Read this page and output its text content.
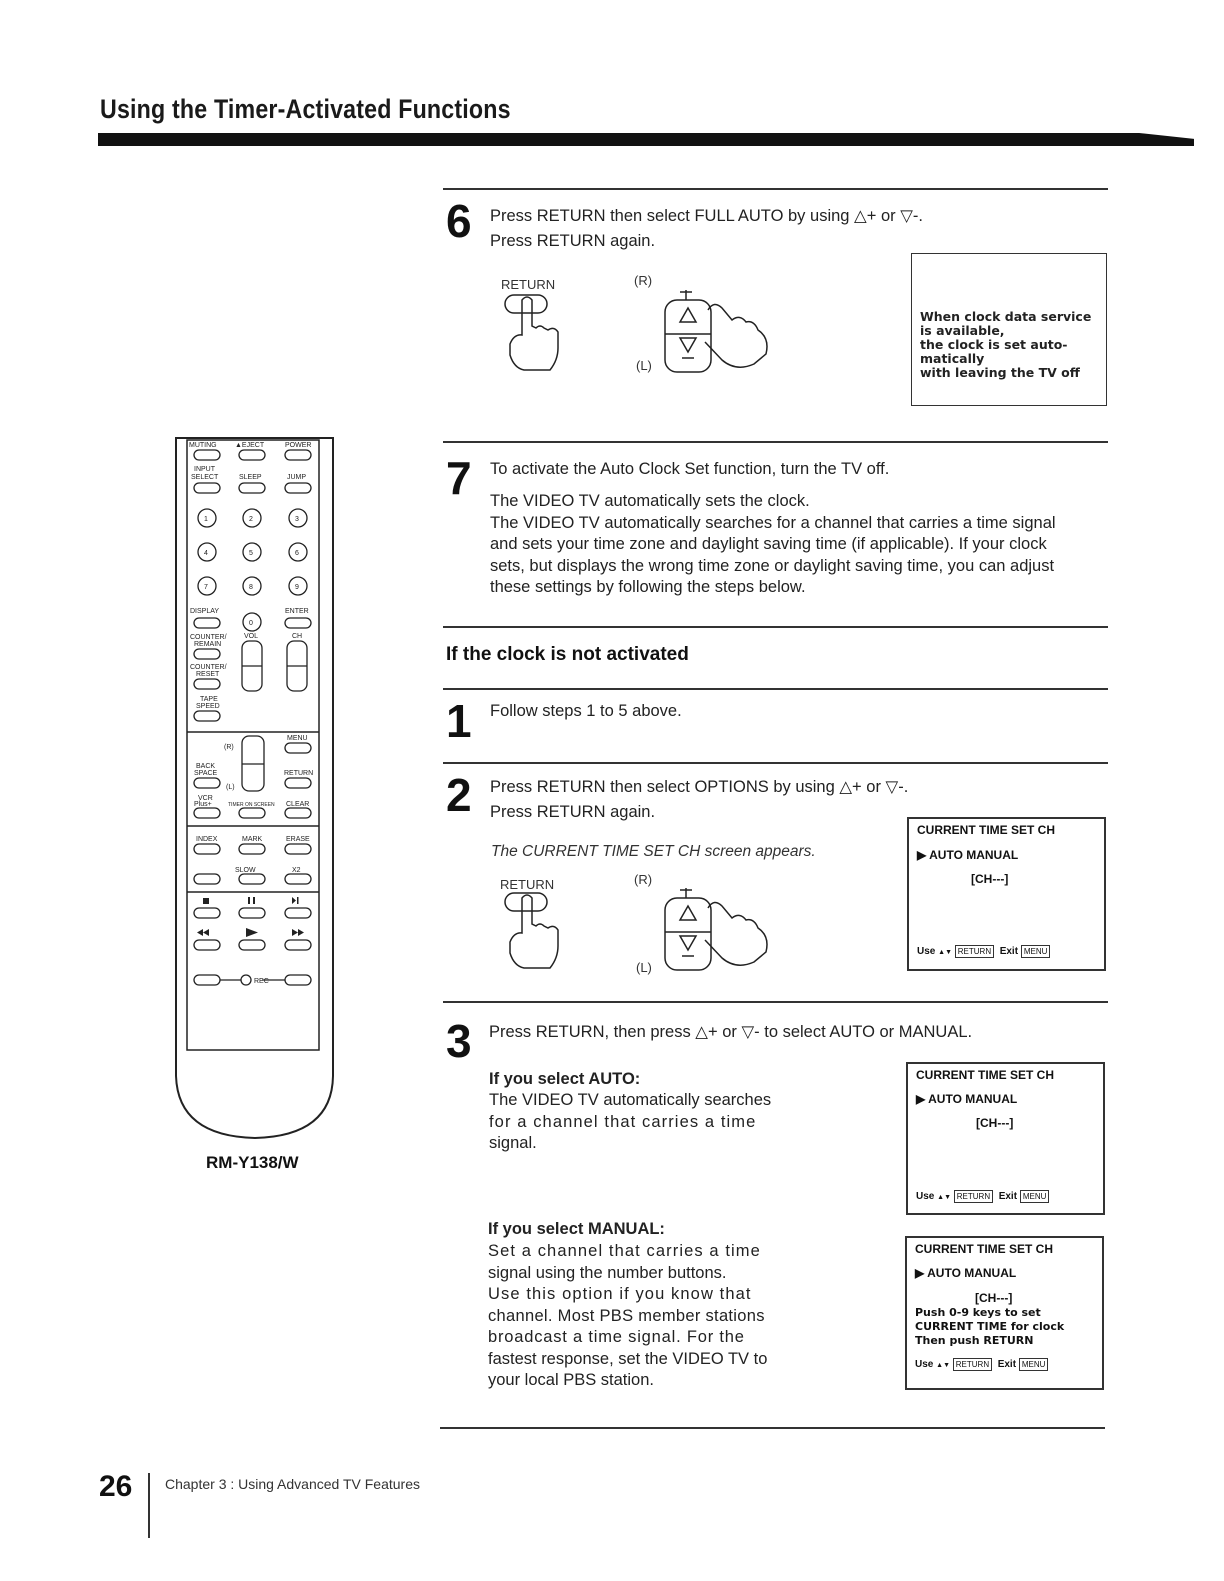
Using the Timer-Activated Functions
MUTING	▲EJECT	POWER
INPUT
SELECT	SLEEP	JUMP
1	2	3
4	5	6
7	8	9
DISPLAY
0
ENTER
COUNTER/
REMAIN
VOL	CH
COUNTER/
RESET
TAPE
SPEED
MENU
(R)
BACK
SPACE	RETURN
(L)
VCR
Plus+	TIMER ON SCREEN CLEAR
INDEX	MARK	ERASE
SLOW	X2
REC
RM-Y138/W
6 Press RETURN then select FULL AUTO by using △+ or ▽-.
Press RETURN again.
RETURN	(R)
(L)
When clock data service
is available,
the clock is set auto-
matically
with leaving the TV off
7 To activate the Auto Clock Set function, turn the TV off.
The VIDEO TV automatically sets the clock.
The VIDEO TV automatically searches for a channel that carries a time signal
and sets your time zone and daylight saving time (if applicable). If your clock
sets, but displays the wrong time zone or daylight saving time, you can adjust
these settings by following the steps below.
If the clock is not activated
1 Follow steps 1 to 5 above.
2 Press RETURN then select OPTIONS by using △+ or ▽-.
Press RETURN again.
The CURRENT TIME SET CH screen appears.
RETURN	(R)
(L)
CURRENT TIME SET CH
▶ AUTO MANUAL
[CH---]
Use ▲▼ RETURN Exit MENU
3 Press RETURN, then press △+ or ▽- to select AUTO or MANUAL.
If you select AUTO:
The VIDEO TV automatically searches
for a channel that carries a time
signal.
CURRENT TIME SET CH
▶ AUTO MANUAL
[CH---]
Use ▲▼ RETURN Exit MENU
If you select MANUAL:
Set a channel that carries a time
signal using the number buttons.
Use this option if you know that
channel. Most PBS member stations
broadcast a time signal. For the
fastest response, set the VIDEO TV to
your local PBS station.
CURRENT TIME SET CH
▶ AUTO MANUAL
[CH---]
Push 0-9 keys to set
CURRENT TIME for clock
Then push RETURN
Use ▲▼ RETURN Exit MENU
26 Chapter 3 : Using Advanced TV Features
